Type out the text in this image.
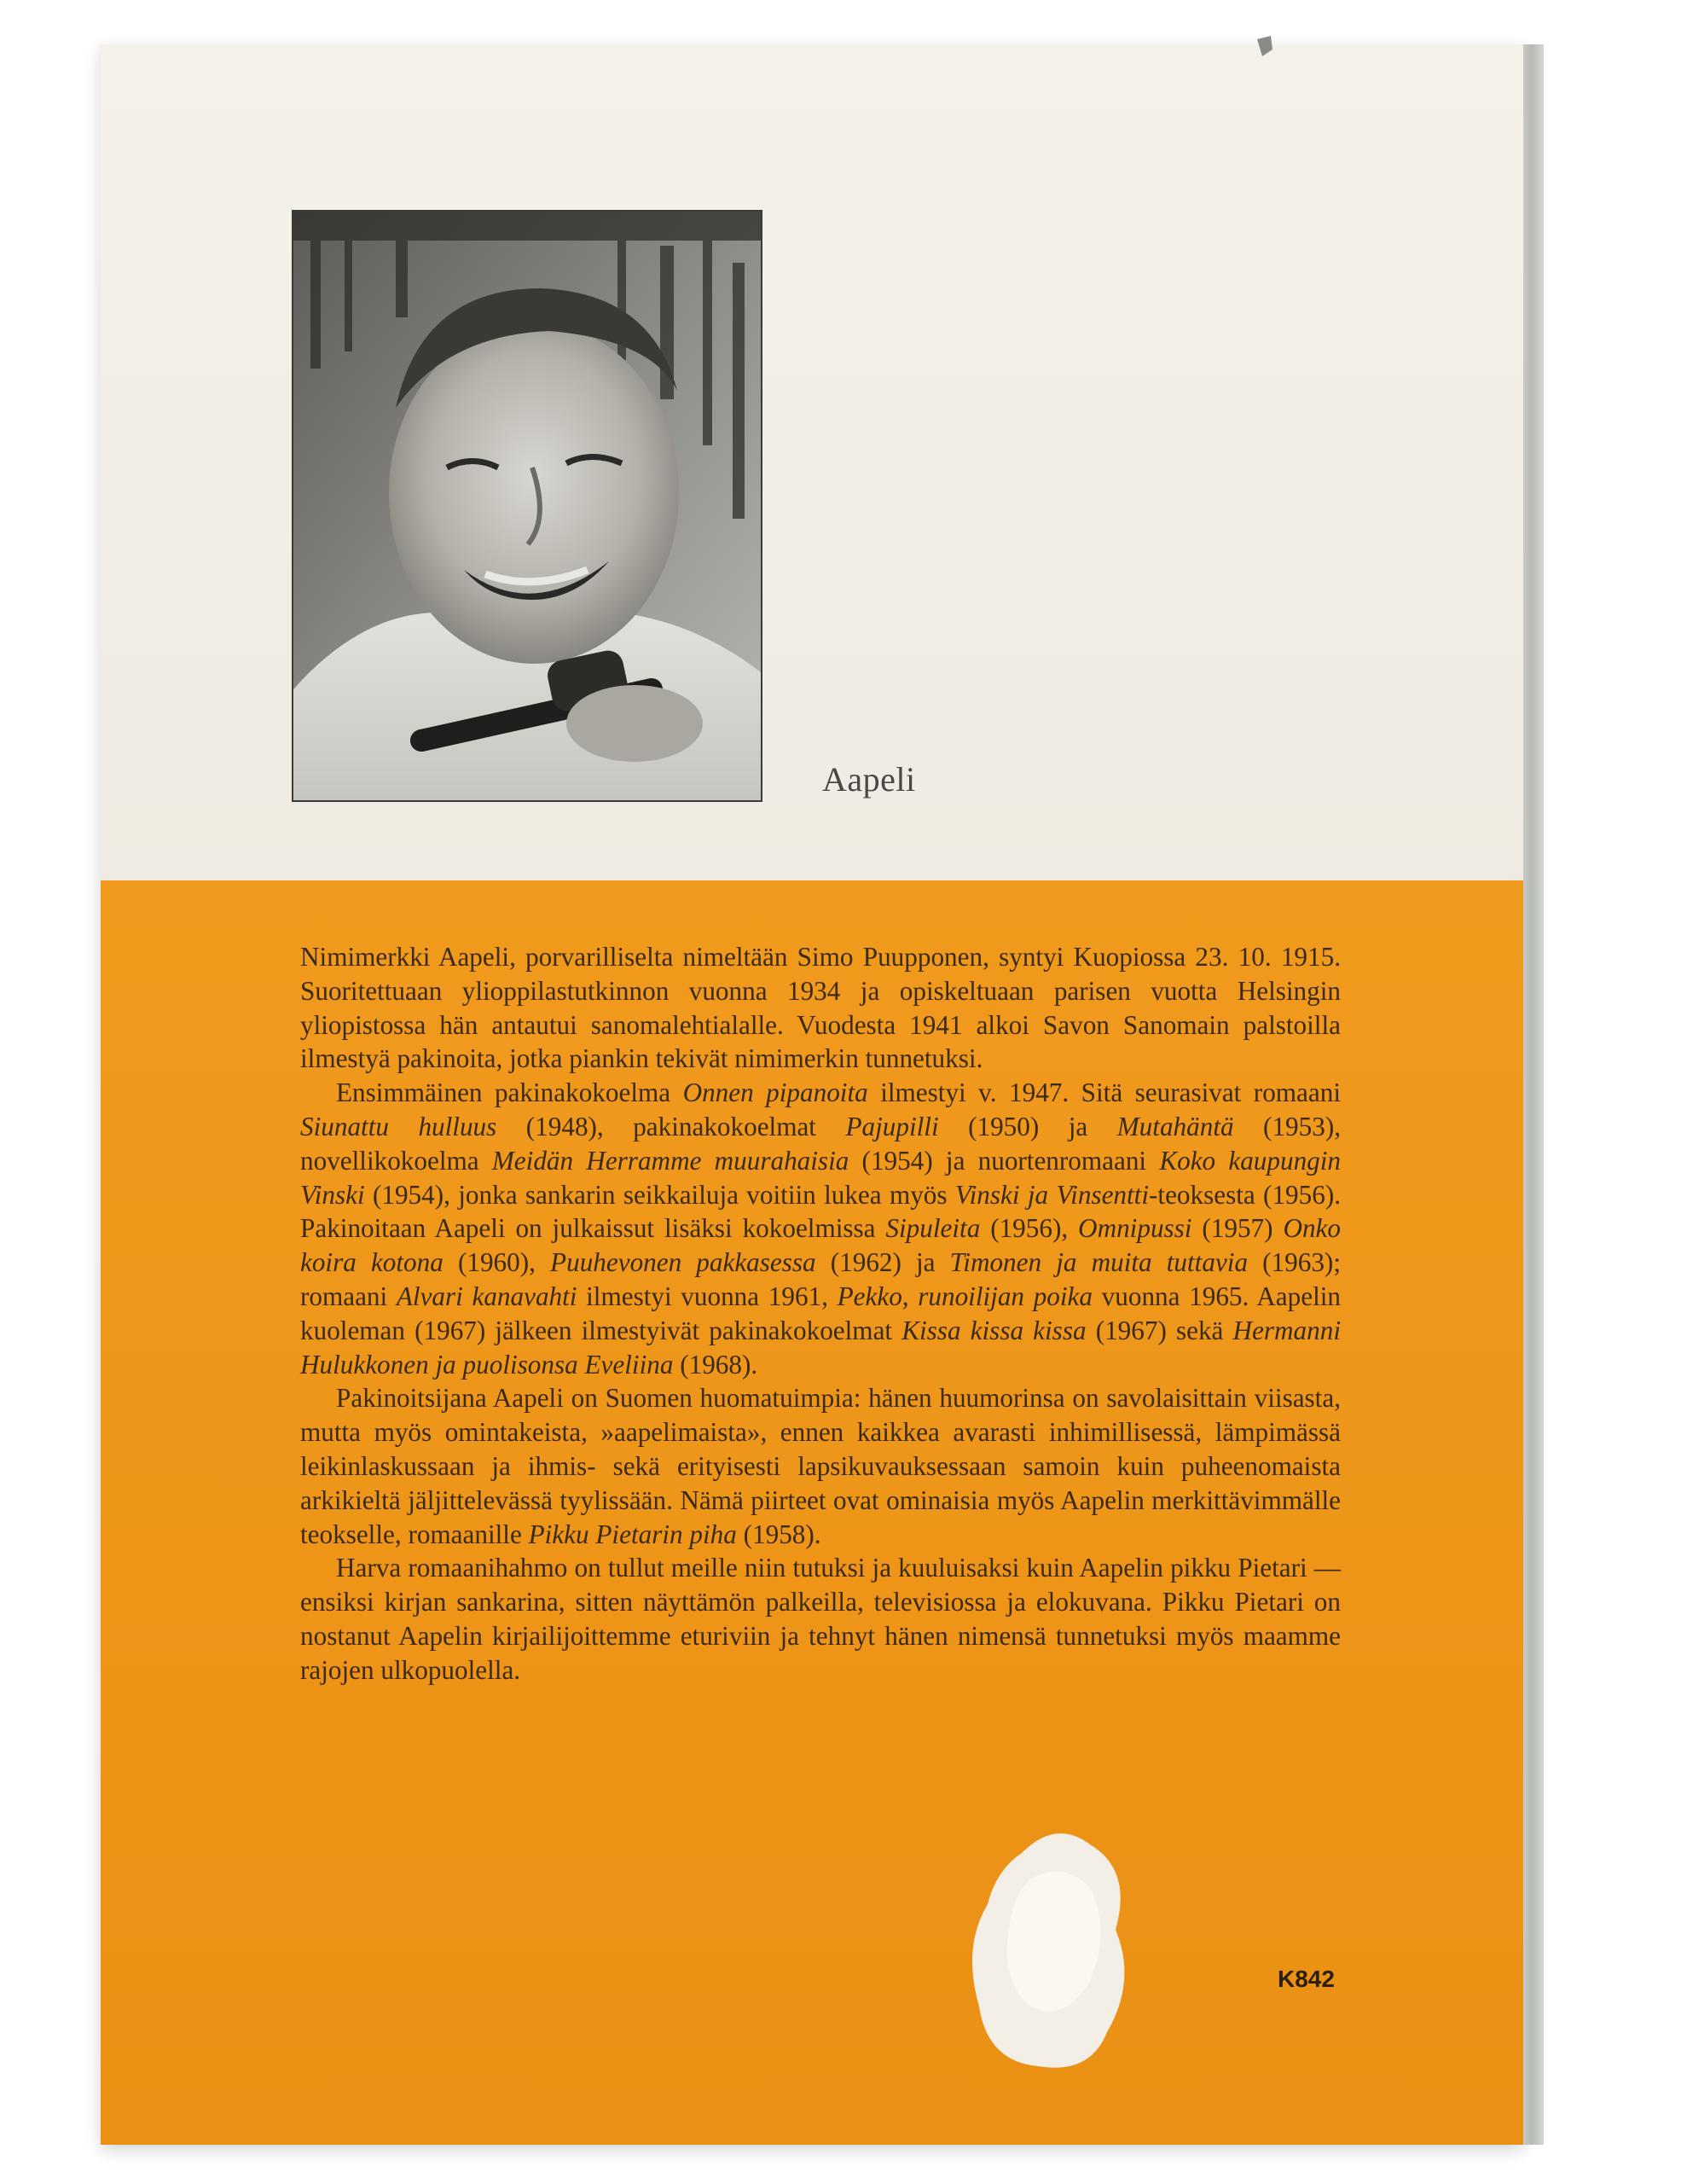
Aapeli

Nimimerkki Aapeli, porvarilliselta nimeltään Simo Puupponen, syntyi Kuopiossa 23. 10. 1915. Suoritettuaan ylioppilastutkinnon vuonna 1934 ja opiskeltuaan parisen vuotta Helsingin yliopistossa hän antautui sanomalehtialalle. Vuodesta 1941 alkoi Savon Sanomain palstoilla ilmestyä pakinoita, jotka piankin tekivät nimimerkin tunnetuksi.

Ensimmäinen pakinakokoelma Onnen pipanoita ilmestyi v. 1947. Sitä seurasivat romaani Siunattu hulluus (1948), pakinakokoelmat Pajupilli (1950) ja Mutahäntä (1953), novellikokoelma Meidän Herramme muurahaisia (1954) ja nuortenromaani Koko kaupungin Vinski (1954), jonka sankarin seikkailuja voitiin lukea myös Vinski ja Vinsentti-teoksesta (1956). Pakinoitaan Aapeli on julkaissut lisäksi kokoelmissa Sipuleita (1956), Omnipussi (1957) Onko koira kotona (1960), Puuhevonen pakkasessa (1962) ja Timonen ja muita tuttavia (1963); romaani Alvari kanavahti ilmestyi vuonna 1961, Pekko, runoilijan poika vuonna 1965. Aapelin kuoleman (1967) jälkeen ilmestyivät pakinakokoelmat Kissa kissa kissa (1967) sekä Hermanni Hulukkonen ja puolisonsa Eveliina (1968).

Pakinoitsijana Aapeli on Suomen huomatuimpia: hänen huumorinsa on savolaisittain viisasta, mutta myös omintakeista, »aapelimaista», ennen kaikkea avarasti inhimillisessä, lämpimässä leikinlaskussaan ja ihmis- sekä erityisesti lapsikuvauksessaan samoin kuin puheenomaista arkikieltä jäljittelevässä tyylissään. Nämä piirteet ovat ominaisia myös Aapelin merkittävimmälle teokselle, romaanille Pikku Pietarin piha (1958).

Harva romaanihahmo on tullut meille niin tutuksi ja kuuluisaksi kuin Aapelin pikku Pietari — ensiksi kirjan sankarina, sitten näyttämön palkeilla, televisiossa ja elokuvana. Pikku Pietari on nostanut Aapelin kirjailijoittemme eturiviin ja tehnyt hänen nimensä tunnetuksi myös maamme rajojen ulkopuolella.

K842
